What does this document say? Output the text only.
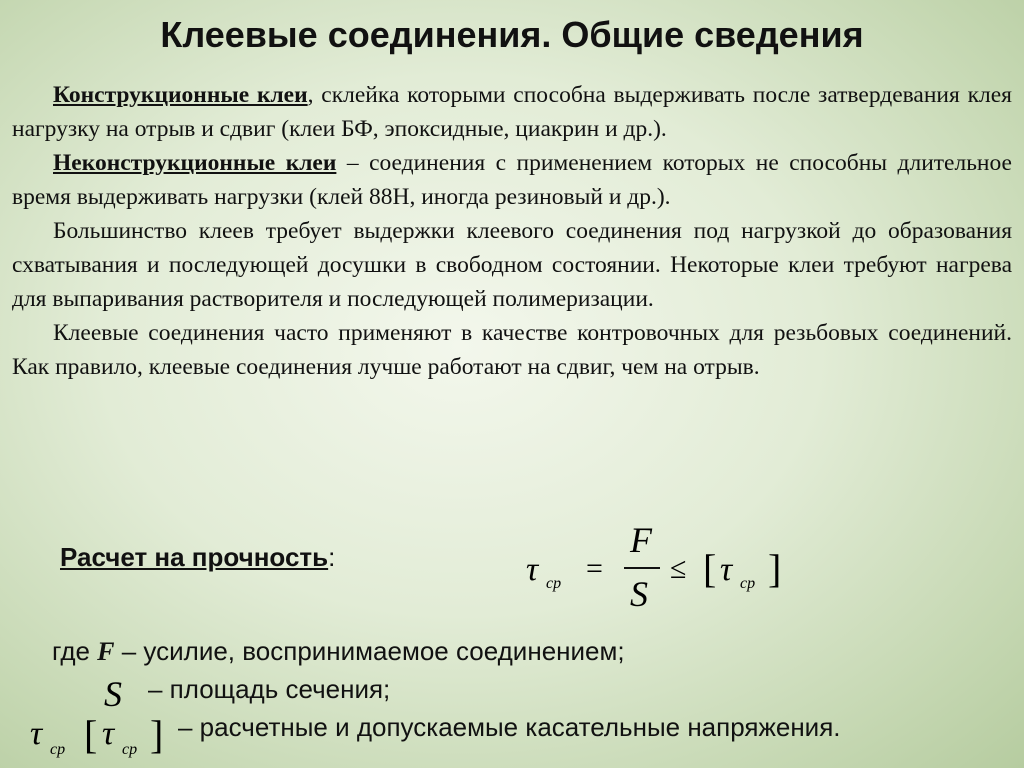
Клеевые соединения. Общие сведения

Конструкционные клеи, склейка которыми способна выдерживать после затвердевания клея нагрузку на отрыв и сдвиг (клеи БФ, эпоксидные, циакрин и др.).

Неконструкционные клеи – соединения с применением которых не способны длительное время выдерживать нагрузки (клей 88Н, иногда резиновый и др.).

Большинство клеев требует выдержки клеевого соединения под нагрузкой до образования схватывания и последующей досушки в свободном состоянии. Некоторые клеи требуют нагрева для выпаривания растворителя и последующей полимеризации.

Клеевые соединения часто применяют в качестве контровочных для резьбовых соединений. Как правило, клеевые соединения лучше работают на сдвиг, чем на отрыв.

Расчет на прочность:	τ ср =
F
S
≤ [ τ ср ]
где F – усилие, воспринимаемое соединением;
S – площадь сечения;
τ ср [ τ ср ] – расчетные и допускаемые касательные напряжения.
